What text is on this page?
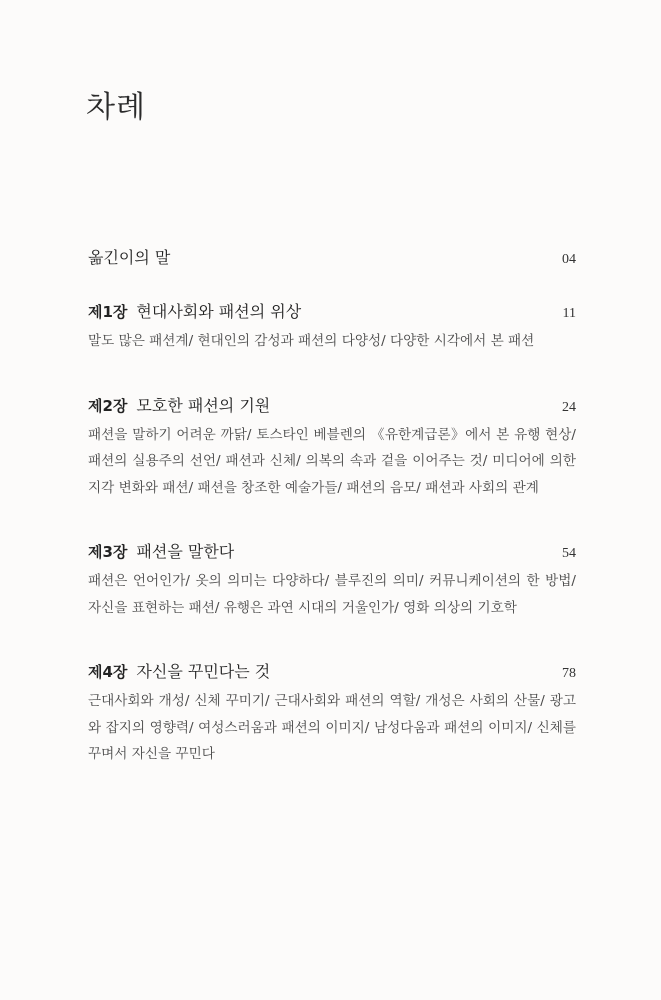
차례
옮긴이의 말	04
제1장 현대사회와 패션의 위상	11
말도 많은 패션계/ 현대인의 감성과 패션의 다양성/ 다양한 시각에서 본 패션
제2장 모호한 패션의 기원	24
패션을 말하기 어려운 까닭/ 토스타인 베블렌의 《유한계급론》에서 본 유행 현상/ 패션의 실용주의 선언/ 패션과 신체/ 의복의 속과 겉을 이어주는 것/ 미디어에 의한 지각 변화와 패션/ 패션을 창조한 예술가들/ 패션의 음모/ 패션과 사회의 관계
제3장 패션을 말한다	54
패션은 언어인가/ 옷의 의미는 다양하다/ 블루진의 의미/ 커뮤니케이션의 한 방법/ 자신을 표현하는 패션/ 유행은 과연 시대의 거울인가/ 영화 의상의 기호학
제4장 자신을 꾸민다는 것	78
근대사회와 개성/ 신체 꾸미기/ 근대사회와 패션의 역할/ 개성은 사회의 산물/ 광고와 잡지의 영향력/ 여성스러움과 패션의 이미지/ 남성다움과 패션의 이미지/ 신체를 꾸며서 자신을 꾸민다
